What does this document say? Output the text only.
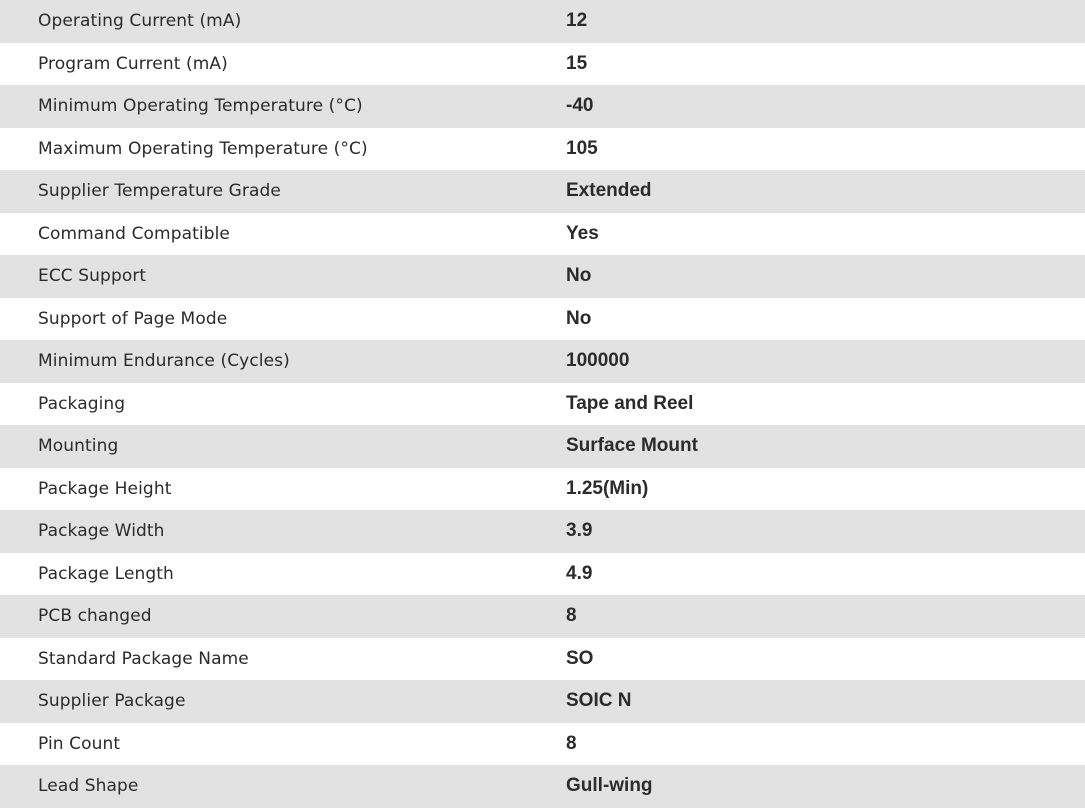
Operating Current (mA)	12
Program Current (mA)	15
Minimum Operating Temperature (°C)	-40
Maximum Operating Temperature (°C)	105
Supplier Temperature Grade	Extended
Command Compatible	Yes
ECC Support	No
Support of Page Mode	No
Minimum Endurance (Cycles)	100000
Packaging	Tape and Reel
Mounting	Surface Mount
Package Height	1.25(Min)
Package Width	3.9
Package Length	4.9
PCB changed	8
Standard Package Name	SO
Supplier Package	SOIC N
Pin Count	8
Lead Shape	Gull-wing
